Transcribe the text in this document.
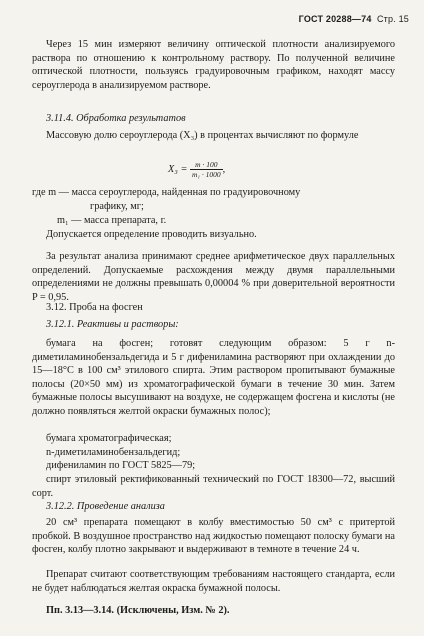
ГОСТ 20288—74 Стр. 15
Через 15 мин измеряют величину оптической плотности анализируемого раствора по отношению к контрольному раствору. По полученной величине оптической плотности, пользуясь градуировочным графиком, находят массу сероуглерода в анализируемом растворе.
3.11.4. Обработка результатов
Массовую долю сероуглерода (X₃) в процентах вычисляют по формуле
$X_3 = \frac{m \cdot 100}{\text{m₁ · 1000}}$ ,
где m — масса сероуглерода, найденная по градуировочному
графику, мг;
m₁ — масса препарата, г.
Допускается определение проводить визуально.
За результат анализа принимают среднее арифметическое двух параллельных определений. Допускаемые расхождения между двумя параллельными определениями не должны превышать 0,00004 % при доверительной вероятности P = 0,95.
3.12. Проба на фосген
3.12.1. Реактивы и растворы:
бумага на фосген; готовят следующим образом: 5 г n-диметиламинобензальдегида и 5 г дифениламина растворяют при охлаждении до 15—18°C в 100 см³ этилового спирта. Этим раствором пропитывают бумажные полосы (20×50 мм) из хроматографической бумаги в течение 30 мин. Затем бумажные полосы высушивают на воздухе, не содержащем фосгена и кислоты (не должно появляться желтой окраски бумажных полос);
бумага хроматографическая;
n-диметиламинобензальдегид;
дифениламин по ГОСТ 5825—79;
спирт этиловый ректификованный технический по ГОСТ 18300—72, высший сорт.
3.12.2. Проведение анализа
20 см³ препарата помещают в колбу вместимостью 50 см³ с притертой пробкой. В воздушное пространство над жидкостью помещают полоску бумаги на фосген, колбу плотно закрывают и выдерживают в темноте в течение 24 ч.
Препарат считают соответствующим требованиям настоящего стандарта, если не будет наблюдаться желтая окраска бумажной полосы.
Пп. 3.13—3.14. (Исключены, Изм. № 2).
